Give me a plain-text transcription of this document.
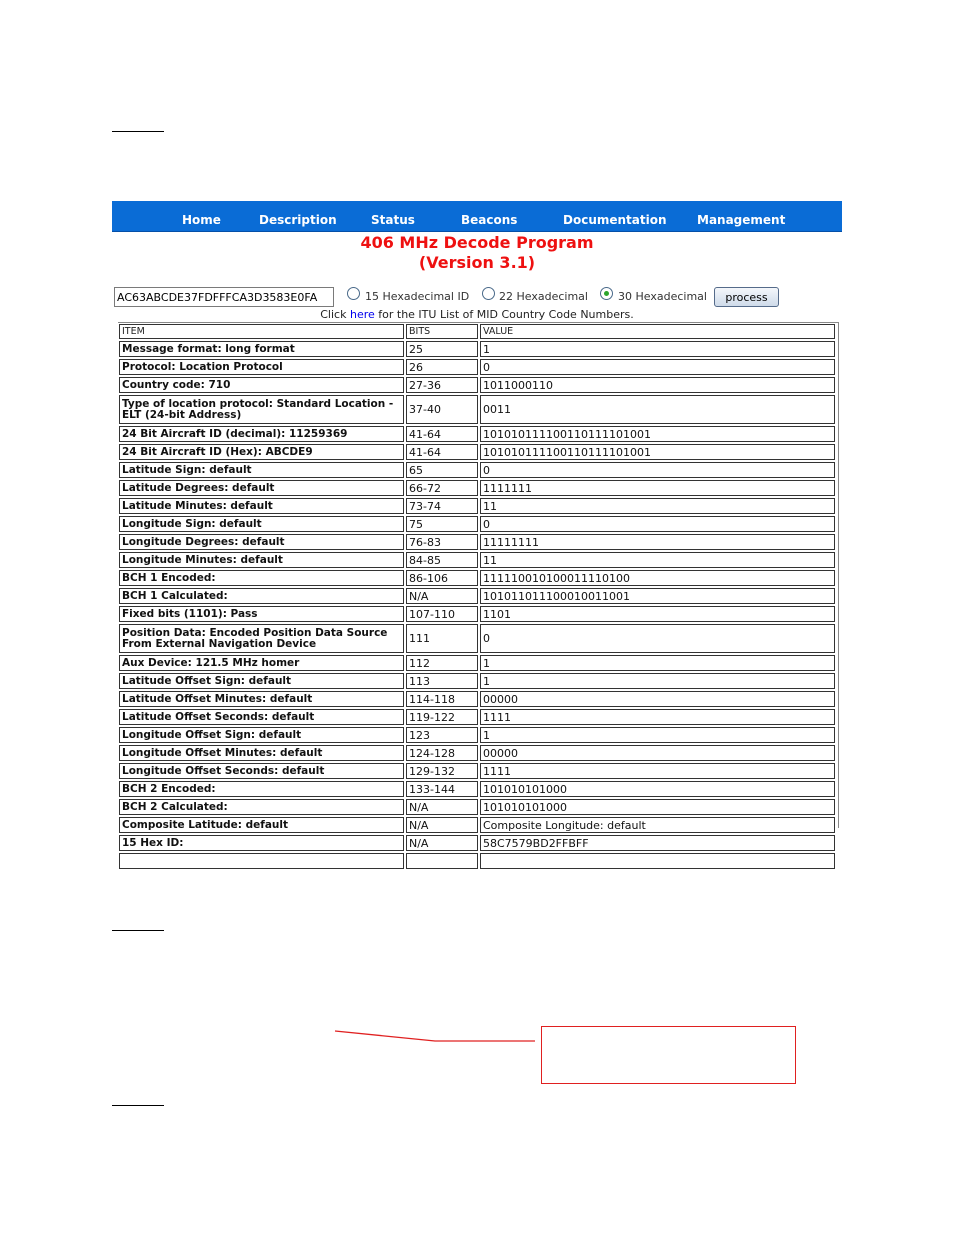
Home	Description	Status	Beacons	Documentation	Management
406 MHz Decode Program
(Version 3.1)
AC63ABCDE37FDFFFCA3D3583E0FA
15 Hexadecimal ID	22 Hexadecimal	30 Hexadecimal	process
Click here for the ITU List of MID Country Code Numbers.
ITEM	BITS	VALUE
Message format: long format	25	1
Protocol: Location Protocol	26	0
Country code: 710	27-36	1011000110
Type of location protocol: Standard Location - ELT (24-bit Address)	37-40	0011
24 Bit Aircraft ID (decimal): 11259369	41-64	101010111100110111101001
24 Bit Aircraft ID (Hex): ABCDE9	41-64	101010111100110111101001
Latitude Sign: default	65	0
Latitude Degrees: default	66-72	1111111
Latitude Minutes: default	73-74	11
Longitude Sign: default	75	0
Longitude Degrees: default	76-83	11111111
Longitude Minutes: default	84-85	11
BCH 1 Encoded:	86-106	111110010100011110100
BCH 1 Calculated:	N/A	101011011100010011001
Fixed bits (1101): Pass	107-110	1101
Position Data: Encoded Position Data Source From External Navigation Device	111	0
Aux Device: 121.5 MHz homer	112	1
Latitude Offset Sign: default	113	1
Latitude Offset Minutes: default	114-118	00000
Latitude Offset Seconds: default	119-122	1111
Longitude Offset Sign: default	123	1
Longitude Offset Minutes: default	124-128	00000
Longitude Offset Seconds: default	129-132	1111
BCH 2 Encoded:	133-144	101010101000
BCH 2 Calculated:	N/A	101010101000
Composite Latitude: default	N/A	Composite Longitude: default
15 Hex ID:	N/A	58C7579BD2FFBFF
